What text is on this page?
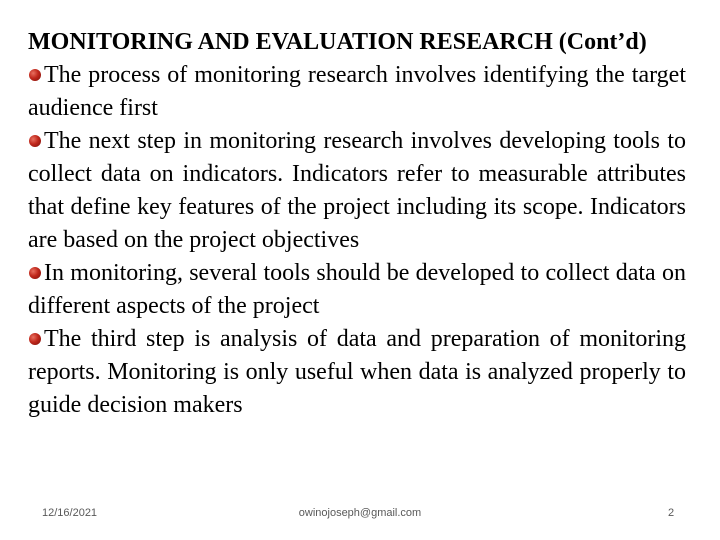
MONITORING AND EVALUATION RESEARCH (Cont’d)

The process of monitoring research involves identifying the target audience first

The next step in monitoring research involves developing tools to collect data on indicators. Indicators refer to measurable attributes that define key features of the project including its scope. Indicators are based on the project objectives

In monitoring, several tools should be developed to collect data on different aspects of the project

The third step is analysis of data and preparation of monitoring reports. Monitoring is only useful when data is analyzed properly to guide decision makers

12/16/2021	owinojoseph@gmail.com	2
